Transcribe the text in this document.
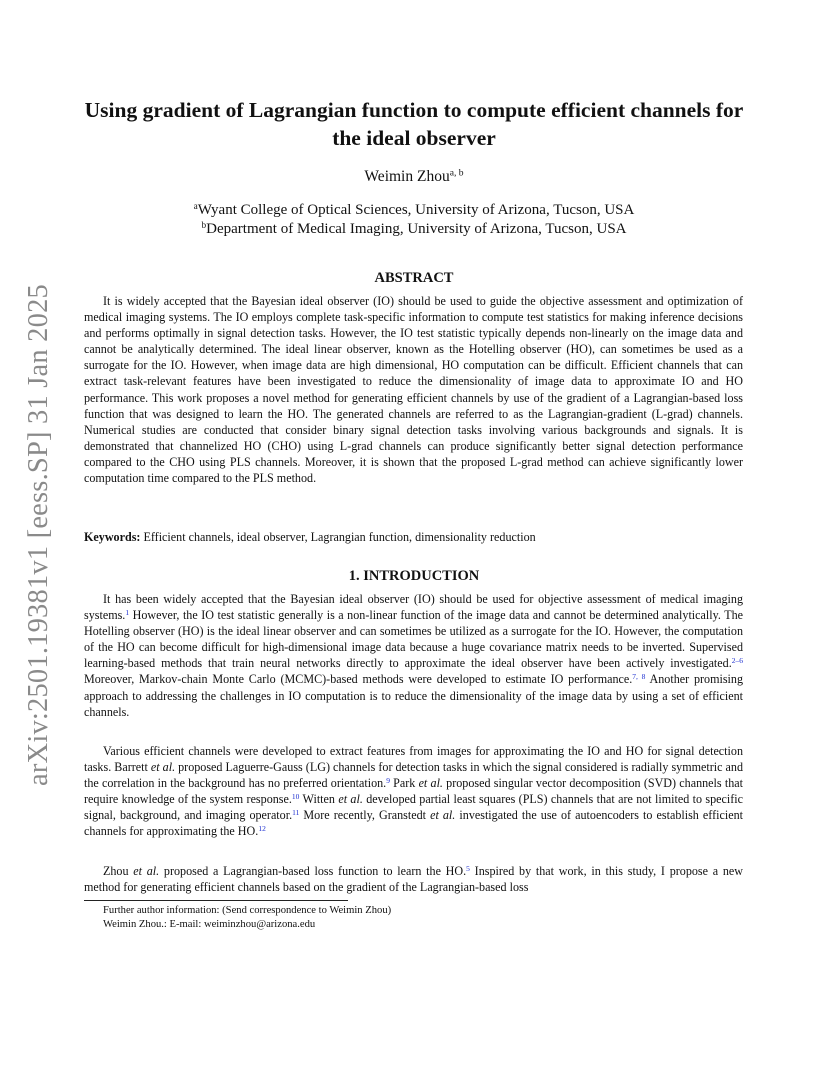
arXiv:2501.19381v1 [eess.SP] 31 Jan 2025
Using gradient of Lagrangian function to compute efficient channels for the ideal observer
Weimin Zhou$^{a, b}$
$^a$Wyant College of Optical Sciences, University of Arizona, Tucson, USA
$^b$Department of Medical Imaging, University of Arizona, Tucson, USA
ABSTRACT

It is widely accepted that the Bayesian ideal observer (IO) should be used to guide the objective assessment and optimization of medical imaging systems. The IO employs complete task-specific information to compute test statistics for making inference decisions and performs optimally in signal detection tasks. However, the IO test statistic typically depends non-linearly on the image data and cannot be analytically determined. The ideal linear observer, known as the Hotelling observer (HO), can sometimes be used as a surrogate for the IO. However, when image data are high dimensional, HO computation can be difficult. Efficient channels that can extract task-relevant features have been investigated to reduce the dimensionality of image data to approximate IO and HO performance. This work proposes a novel method for generating efficient channels by use of the gradient of a Lagrangian-based loss function that was designed to learn the HO. The generated channels are referred to as the Lagrangian-gradient (L-grad) channels. Numerical studies are conducted that consider binary signal detection tasks involving various backgrounds and signals. It is demonstrated that channelized HO (CHO) using L-grad channels can produce significantly better signal detection performance compared to the CHO using PLS channels. Moreover, it is shown that the proposed L-grad method can achieve significantly lower computation time compared to the PLS method.

Keywords: Efficient channels, ideal observer, Lagrangian function, dimensionality reduction
1. INTRODUCTION

It has been widely accepted that the Bayesian ideal observer (IO) should be used for objective assessment of medical imaging systems.$^1$ However, the IO test statistic generally is a non-linear function of the image data and cannot be determined analytically. The Hotelling observer (HO) is the ideal linear observer and can sometimes be utilized as a surrogate for the IO. However, the computation of the HO can become difficult for high-dimensional image data because a huge covariance matrix needs to be inverted. Supervised learning-based methods that train neural networks directly to approximate the ideal observer have been actively investigated.$^{2-6}$ Moreover, Markov-chain Monte Carlo (MCMC)-based methods were developed to estimate IO performance.$^{7, 8}$ Another promising approach to addressing the challenges in IO computation is to reduce the dimensionality of the image data by using a set of efficient channels.

Various efficient channels were developed to extract features from images for approximating the IO and HO for signal detection tasks. Barrett et al. proposed Laguerre-Gauss (LG) channels for detection tasks in which the signal considered is radially symmetric and the correlation in the background has no preferred orientation.$^9$ Park et al. proposed singular vector decomposition (SVD) channels that require knowledge of the system response.$^{10}$ Witten et al. developed partial least squares (PLS) channels that are not limited to specific signal, background, and imaging operator.$^{11}$ More recently, Granstedt et al. investigated the use of autoencoders to establish efficient channels for approximating the HO.$^{12}$

Zhou et al. proposed a Lagrangian-based loss function to learn the HO.$^5$ Inspired by that work, in this study, I propose a new method for generating efficient channels based on the gradient of the Lagrangian-based loss

Further author information: (Send correspondence to Weimin Zhou)
Weimin Zhou.: E-mail: weiminzhou@arizona.edu
